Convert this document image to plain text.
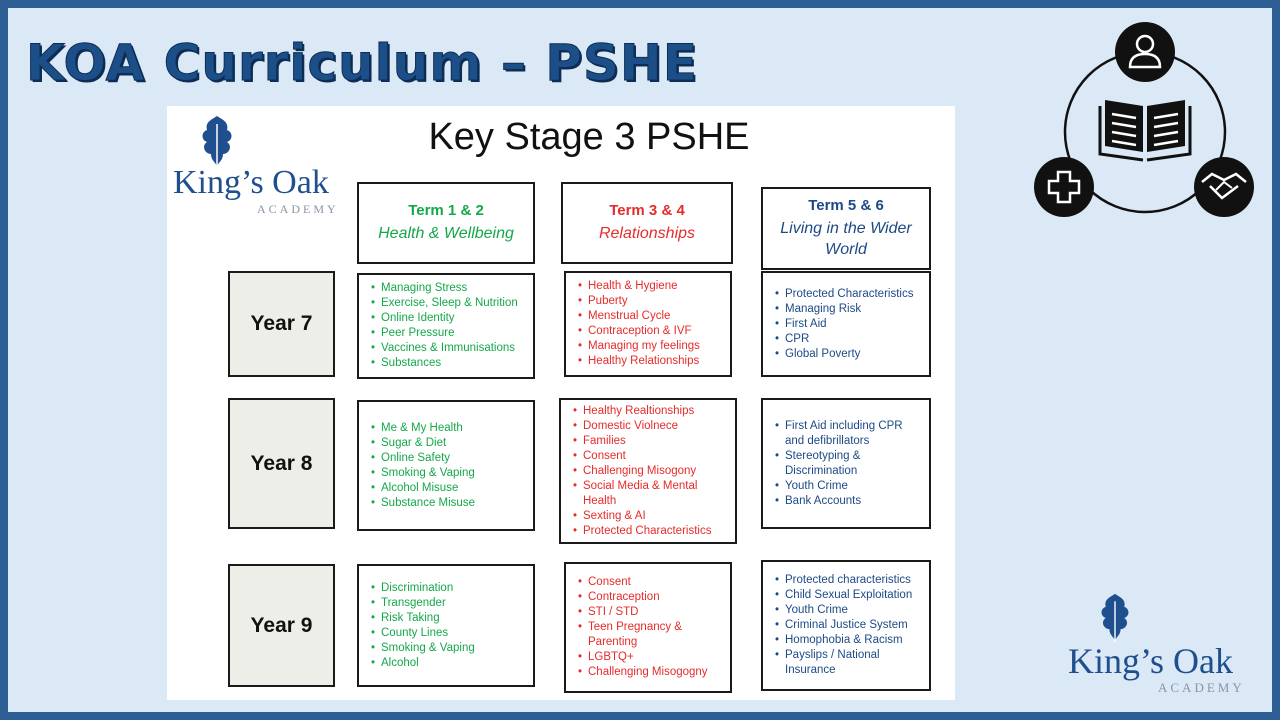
KOA Curriculum – PSHE
King’s Oak
ACADEMY
Key Stage 3 PSHE
Term 1 & 2
Health & Wellbeing
Term 3 & 4
Relationships
Term 5 & 6
Living in the Wider World
Year 7
Year 8
Year 9
• Managing Stress
• Exercise, Sleep & Nutrition
• Online Identity
• Peer Pressure
• Vaccines & Immunisations
• Substances
• Health & Hygiene
• Puberty
• Menstrual Cycle
• Contraception & IVF
• Managing my feelings
• Healthy Relationships
• Protected Characteristics
• Managing Risk
• First Aid
• CPR
• Global Poverty
• Me & My Health
• Sugar & Diet
• Online Safety
• Smoking & Vaping
• Alcohol Misuse
• Substance Misuse
• Healthy Realtionships
• Domestic Violnece
• Families
• Consent
• Challenging Misogony
• Social Media & Mental Health
• Sexting & AI
• Protected Characteristics
• First Aid including CPR and defibrillators
• Stereotyping & Discrimination
• Youth Crime
• Bank Accounts
• Discrimination
• Transgender
• Risk Taking
• County Lines
• Smoking & Vaping
• Alcohol
• Consent
• Contraception
• STI / STD
• Teen Pregnancy & Parenting
• LGBTQ+
• Challenging Misogogny
• Protected characteristics
• Child Sexual Exploitation
• Youth Crime
• Criminal Justice System
• Homophobia & Racism
• Payslips / National Insurance	King’s Oak
ACADEMY
